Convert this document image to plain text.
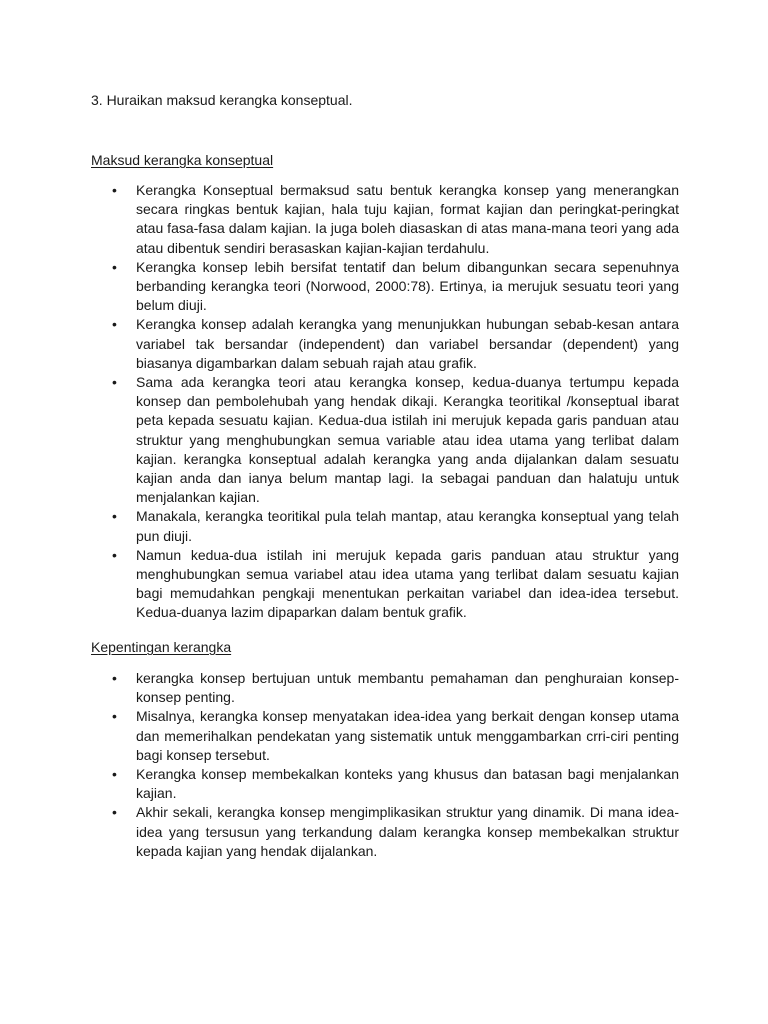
3. Huraikan maksud kerangka konseptual.

Maksud kerangka konseptual

• Kerangka Konseptual bermaksud satu bentuk kerangka konsep yang menerangkan secara ringkas bentuk kajian, hala tuju kajian, format kajian dan peringkat-peringkat atau fasa-fasa dalam kajian. Ia juga boleh diasaskan di atas mana-mana teori yang ada atau dibentuk sendiri berasaskan kajian-kajian terdahulu.
• Kerangka konsep lebih bersifat tentatif dan belum dibangunkan secara sepenuhnya berbanding kerangka teori (Norwood, 2000:78). Ertinya, ia merujuk sesuatu teori yang belum diuji.
• Kerangka konsep adalah kerangka yang menunjukkan hubungan sebab-kesan antara variabel tak bersandar (independent) dan variabel bersandar (dependent) yang biasanya digambarkan dalam sebuah rajah atau grafik.
• Sama ada kerangka teori atau kerangka konsep, kedua-duanya tertumpu kepada konsep dan pembolehubah yang hendak dikaji. Kerangka teoritikal /konseptual ibarat peta kepada sesuatu kajian. Kedua-dua istilah ini merujuk kepada garis panduan atau struktur yang menghubungkan semua variable atau idea utama yang terlibat dalam kajian. kerangka konseptual adalah kerangka yang anda dijalankan dalam sesuatu kajian anda dan ianya belum mantap lagi. Ia sebagai panduan dan halatuju untuk menjalankan kajian.
• Manakala, kerangka teoritikal pula telah mantap, atau kerangka konseptual yang telah pun diuji.
• Namun kedua-dua istilah ini merujuk kepada garis panduan atau struktur yang menghubungkan semua variabel atau idea utama yang terlibat dalam sesuatu kajian bagi memudahkan pengkaji menentukan perkaitan variabel dan idea-idea tersebut. Kedua-duanya lazim dipaparkan dalam bentuk grafik.

Kepentingan kerangka

• kerangka konsep bertujuan untuk membantu pemahaman dan penghuraian konsep-konsep penting.
• Misalnya, kerangka konsep menyatakan idea-idea yang berkait dengan konsep utama dan memerihalkan pendekatan yang sistematik untuk menggambarkan crri-ciri penting bagi konsep tersebut.
• Kerangka konsep membekalkan konteks yang khusus dan batasan bagi menjalankan kajian.
• Akhir sekali, kerangka konsep mengimplikasikan struktur yang dinamik. Di mana idea-idea yang tersusun yang terkandung dalam kerangka konsep membekalkan struktur kepada kajian yang hendak dijalankan.
